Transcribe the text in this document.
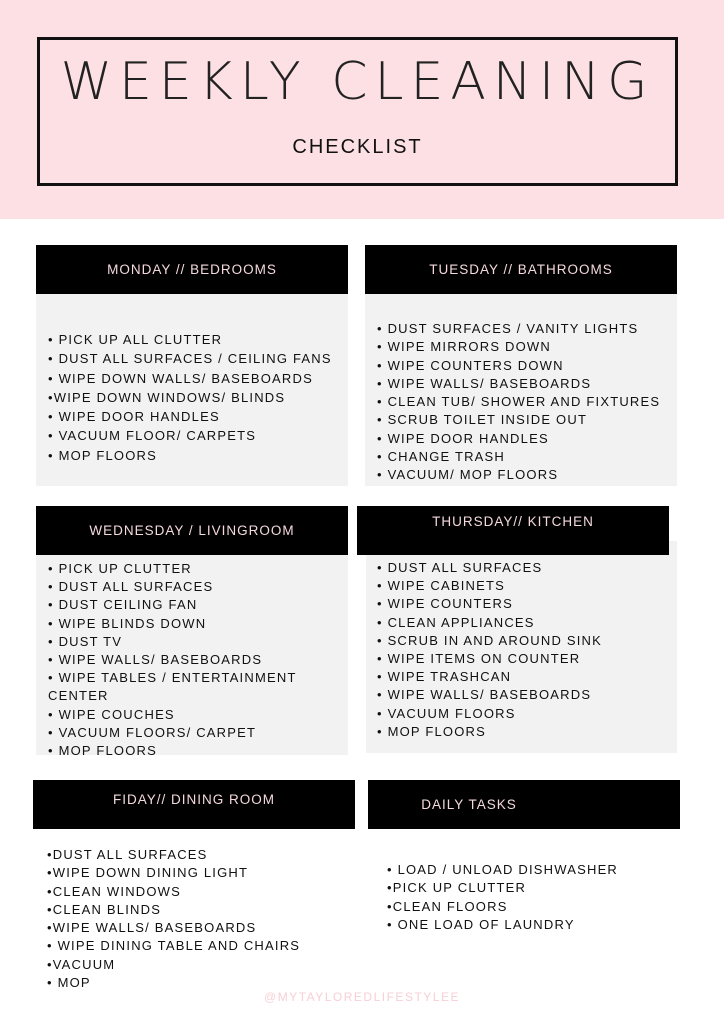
WEEKLY CLEANING
CHECKLIST
MONDAY // BEDROOMS
• PICK UP ALL CLUTTER
• DUST ALL SURFACES / CEILING FANS
• WIPE DOWN WALLS/ BASEBOARDS
•WIPE DOWN WINDOWS/ BLINDS
• WIPE DOOR HANDLES
• VACUUM FLOOR/ CARPETS
• MOP FLOORS
TUESDAY // BATHROOMS
• DUST SURFACES / VANITY LIGHTS
• WIPE MIRRORS DOWN
• WIPE COUNTERS DOWN
• WIPE WALLS/ BASEBOARDS
• CLEAN TUB/ SHOWER AND FIXTURES
• SCRUB TOILET INSIDE OUT
• WIPE DOOR HANDLES
• CHANGE TRASH
• VACUUM/ MOP FLOORS
WEDNESDAY / LIVINGROOM
• PICK UP CLUTTER
• DUST ALL SURFACES
• DUST CEILING FAN
• WIPE BLINDS DOWN
• DUST TV
• WIPE WALLS/ BASEBOARDS
• WIPE TABLES / ENTERTAINMENT
CENTER
• WIPE COUCHES
• VACUUM FLOORS/ CARPET
• MOP FLOORS
THURSDAY// KITCHEN
• DUST ALL SURFACES
• WIPE CABINETS
• WIPE COUNTERS
• CLEAN APPLIANCES
• SCRUB IN AND AROUND SINK
• WIPE ITEMS ON COUNTER
• WIPE TRASHCAN
• WIPE WALLS/ BASEBOARDS
• VACUUM FLOORS
• MOP FLOORS
FIDAY// DINING ROOM
•DUST ALL SURFACES
•WIPE DOWN DINING LIGHT
•CLEAN WINDOWS
•CLEAN BLINDS
•WIPE WALLS/ BASEBOARDS
• WIPE DINING TABLE AND CHAIRS
•VACUUM
• MOP
DAILY TASKS
• LOAD / UNLOAD DISHWASHER
•PICK UP CLUTTER
•CLEAN FLOORS
• ONE LOAD OF LAUNDRY
@MYTAYLOREDLIFESTYLEE
